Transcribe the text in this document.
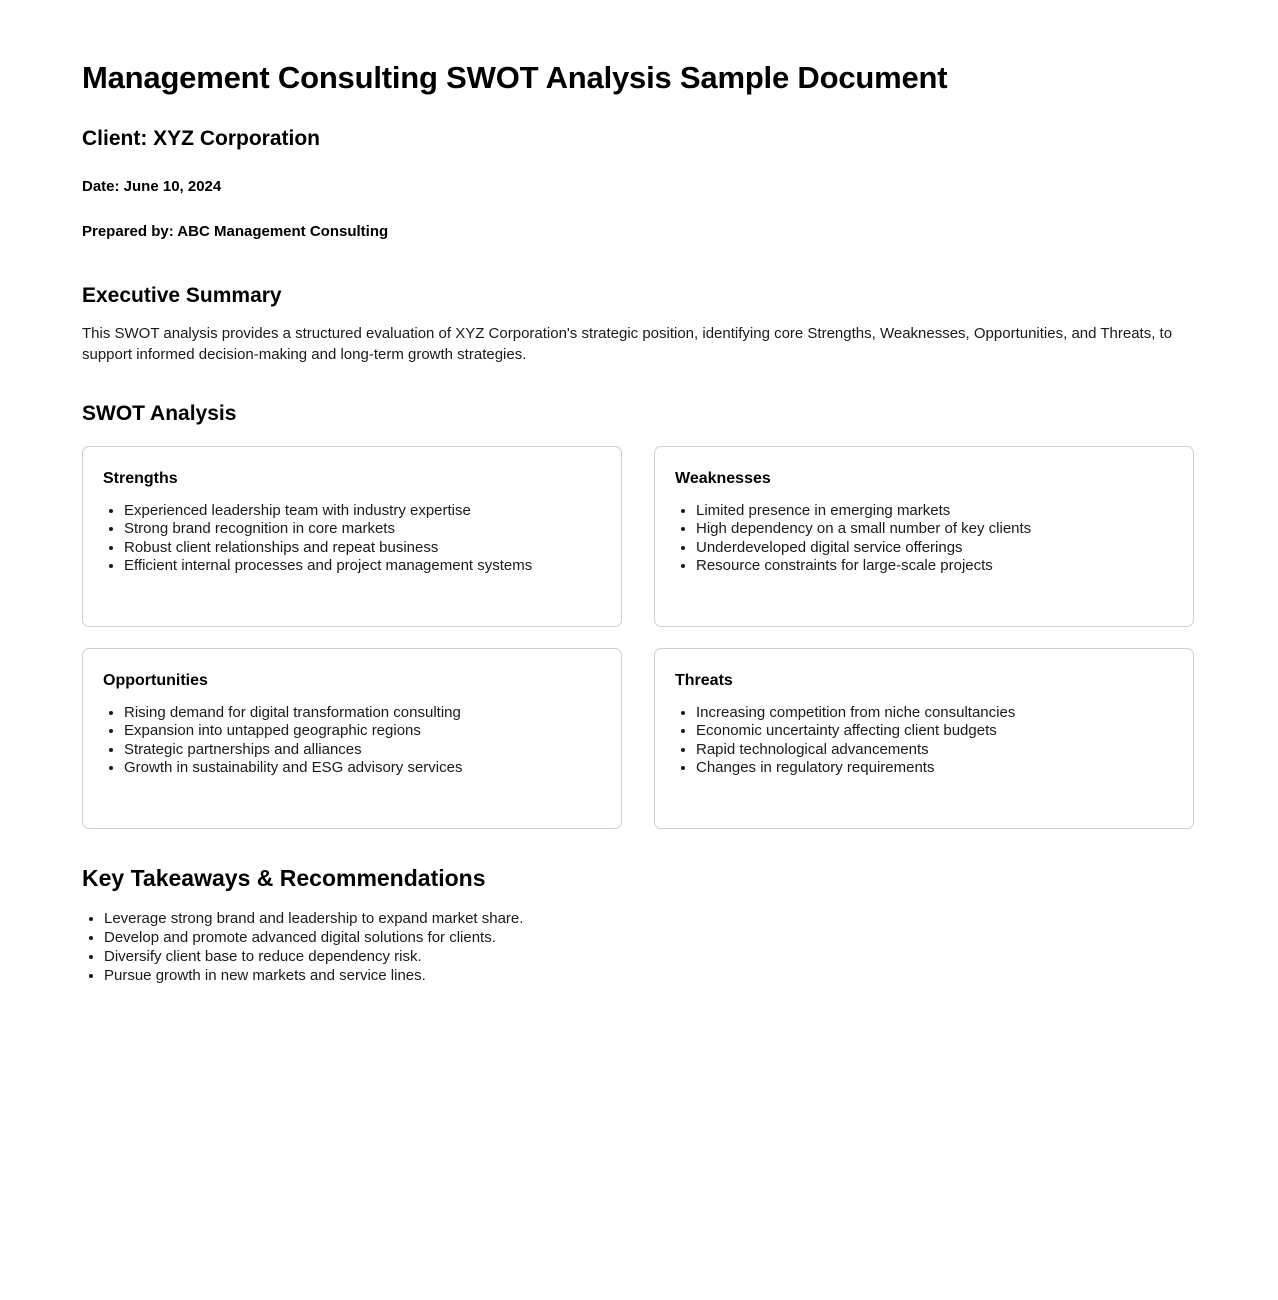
Management Consulting SWOT Analysis Sample Document
Client: XYZ Corporation

Date: June 10, 2024

Prepared by: ABC Management Consulting

Executive Summary

This SWOT analysis provides a structured evaluation of XYZ Corporation's strategic position, identifying core Strengths, Weaknesses, Opportunities, and Threats, to support informed decision-making and long-term growth strategies.

SWOT Analysis
Strengths
• Experienced leadership team with industry expertise
• Strong brand recognition in core markets
• Robust client relationships and repeat business
• Efficient internal processes and project management systems
Weaknesses
• Limited presence in emerging markets
• High dependency on a small number of key clients
• Underdeveloped digital service offerings
• Resource constraints for large-scale projects
Opportunities
• Rising demand for digital transformation consulting
• Expansion into untapped geographic regions
• Strategic partnerships and alliances
• Growth in sustainability and ESG advisory services
Threats
• Increasing competition from niche consultancies
• Economic uncertainty affecting client budgets
• Rapid technological advancements
• Changes in regulatory requirements
Key Takeaways & Recommendations
• Leverage strong brand and leadership to expand market share.
• Develop and promote advanced digital solutions for clients.
• Diversify client base to reduce dependency risk.
• Pursue growth in new markets and service lines.
